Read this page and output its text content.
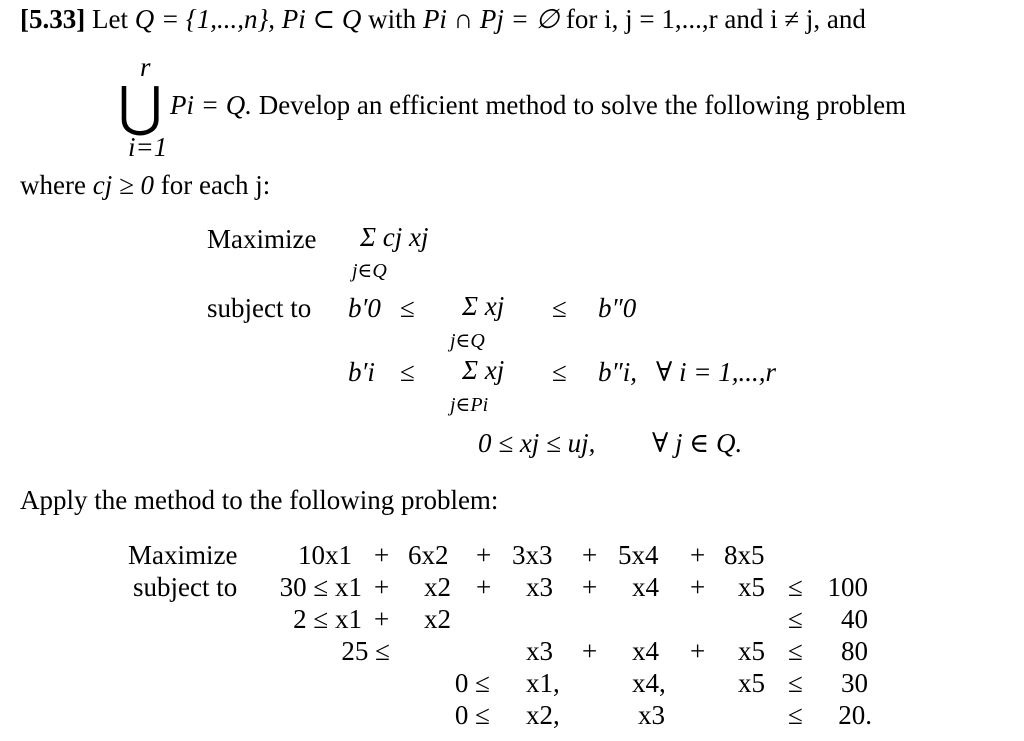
[5.33] Let Q = {1,...,n}, Pi ⊂ Q with Pi ∩ Pj = ∅ for i, j = 1,...,r and i ≠ j, and
r
⋃
i=1
Pi = Q. Develop an efficient method to solve the following problem
where cj ≥ 0 for each j:
Maximize Σ cj xj
j∈Q
subject to b′0 ≤ Σ xj
j∈Q
≤ b″0
b′i ≤ Σ xj
j∈Pi
≤ b″i, ∀ i = 1,...,r
0 ≤ xj ≤ uj, ∀ j ∈ Q.
Apply the method to the following problem:
Maximize
subject to
10x1 + 6x2 + 3x3 + 5x4 + 8x5
30 ≤ x1 + x2 + x3 + x4 + x5 ≤ 100
2 ≤ x1 + x2	≤	40
25 ≤	x3 + x4 + x5 ≤	80
0 ≤ x1,	x4,	x5 ≤	30
0 ≤ x2,	x3	≤	20.
